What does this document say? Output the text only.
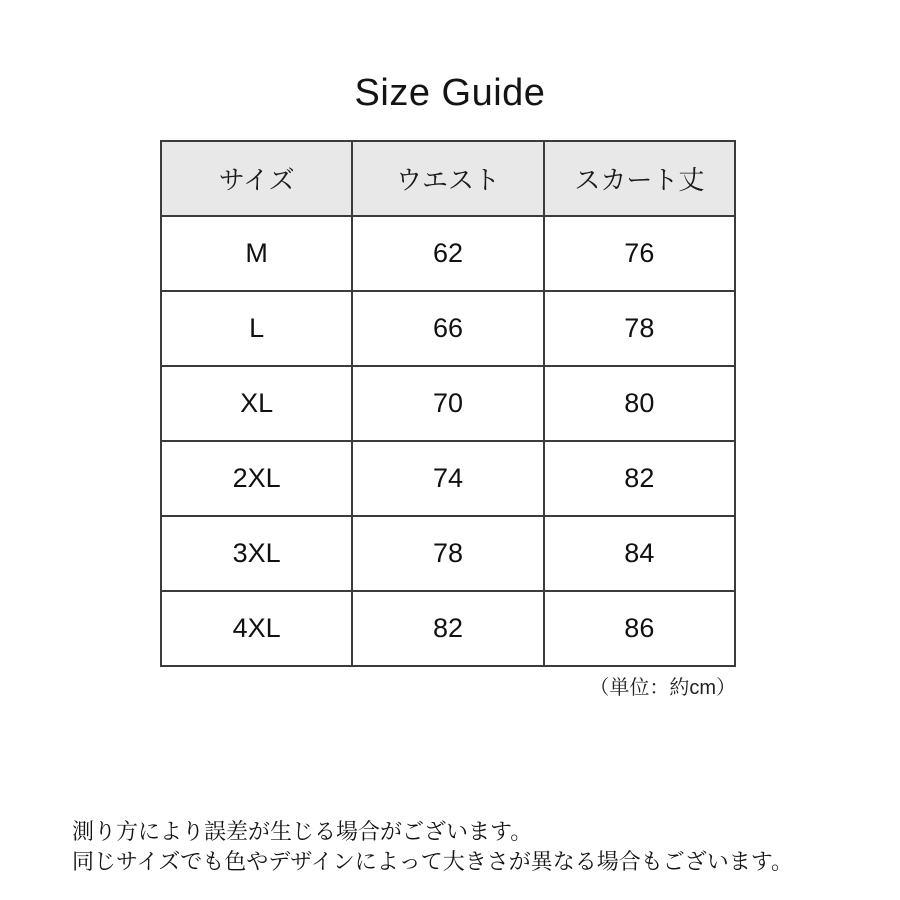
Size Guide
サイズ	ウエスト	スカート丈
M	62	76
L	66	78
XL	70	80
2XL	74	82
3XL	78	84
4XL	82	86
（単位：約cm）
測り方により誤差が生じる場合がございます。
同じサイズでも色やデザインによって大きさが異なる場合もございます。
